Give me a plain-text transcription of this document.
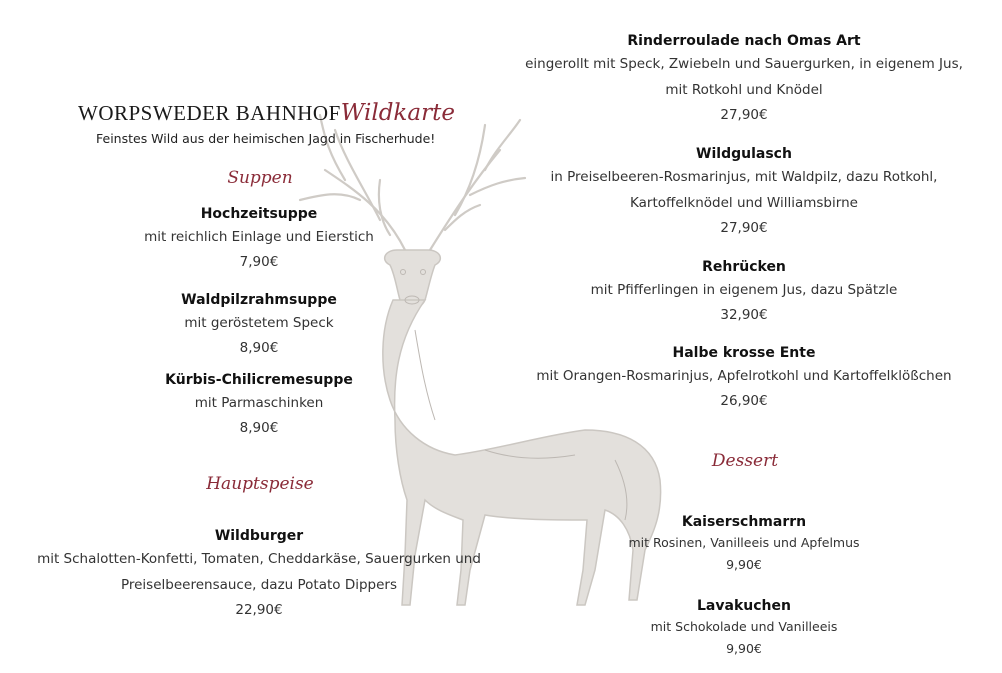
WORPSWEDER BAHNHOFWildkarte
Feinstes Wild aus der heimischen Jagd in Fischerhude!
Suppen
Hochzeitsuppe
mit reichlich Einlage und Eierstich
7,90€
Waldpilzrahmsuppe
mit geröstetem Speck
8,90€
Kürbis-Chilicremesuppe
mit Parmaschinken
8,90€
Hauptspeise
Wildburger
mit Schalotten-Konfetti, Tomaten, Cheddarkäse, Sauergurken und
Preiselbeerensauce, dazu Potato Dippers
22,90€
Rinderroulade nach Omas Art
eingerollt mit Speck, Zwiebeln und Sauergurken, in eigenem Jus,
mit Rotkohl und Knödel
27,90€
Wildgulasch
in Preiselbeeren-Rosmarinjus, mit Waldpilz, dazu Rotkohl,
Kartoffelknödel und Williamsbirne
27,90€
Rehrücken
mit Pfifferlingen in eigenem Jus, dazu Spätzle
32,90€
Halbe krosse Ente
mit Orangen-Rosmarinjus, Apfelrotkohl und Kartoffelklößchen
26,90€
Dessert
Kaiserschmarrn
mit Rosinen, Vanilleeis und Apfelmus
9,90€
Lavakuchen
mit Schokolade und Vanilleeis
9,90€
